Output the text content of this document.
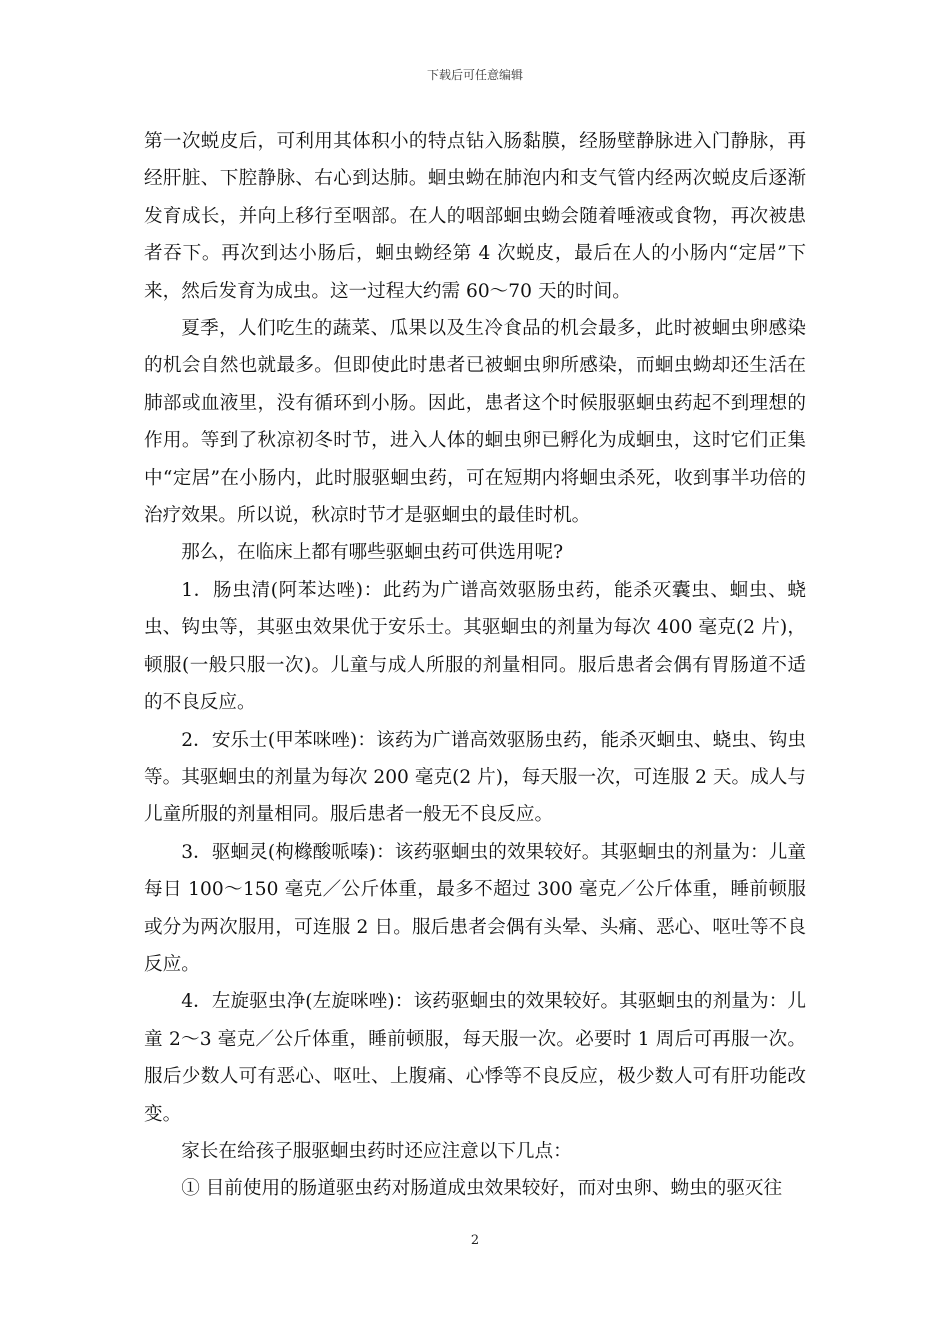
下载后可任意编辑

第一次蜕皮后，可利用其体积小的特点钻入肠黏膜，经肠壁静脉进入门静脉，再经肝脏、下腔静脉、右心到达肺。蛔虫蚴在肺泡内和支气管内经两次蜕皮后逐渐发育成长，并向上移行至咽部。在人的咽部蛔虫蚴会随着唾液或食物，再次被患者吞下。再次到达小肠后，蛔虫蚴经第 4 次蜕皮，最后在人的小肠内“定居”下来，然后发育为成虫。这一过程大约需 60～70 天的时间。

夏季，人们吃生的蔬菜、瓜果以及生冷食品的机会最多，此时被蛔虫卵感染的机会自然也就最多。但即使此时患者已被蛔虫卵所感染，而蛔虫蚴却还生活在肺部或血液里，没有循环到小肠。因此，患者这个时候服驱蛔虫药起不到理想的作用。等到了秋凉初冬时节，进入人体的蛔虫卵已孵化为成蛔虫，这时它们正集中“定居”在小肠内，此时服驱蛔虫药，可在短期内将蛔虫杀死，收到事半功倍的治疗效果。所以说，秋凉时节才是驱蛔虫的最佳时机。

那么，在临床上都有哪些驱蛔虫药可供选用呢?

1．肠虫清(阿苯达唑)：此药为广谱高效驱肠虫药，能杀灭囊虫、蛔虫、蛲虫、钩虫等，其驱虫效果优于安乐士。其驱蛔虫的剂量为每次 400 毫克(2 片)，顿服(一般只服一次)。儿童与成人所服的剂量相同。服后患者会偶有胃肠道不适的不良反应。

2．安乐士(甲苯咪唑)：该药为广谱高效驱肠虫药，能杀灭蛔虫、蛲虫、钩虫等。其驱蛔虫的剂量为每次 200 毫克(2 片)，每天服一次，可连服 2 天。成人与儿童所服的剂量相同。服后患者一般无不良反应。

3．驱蛔灵(枸橼酸哌嗪)：该药驱蛔虫的效果较好。其驱蛔虫的剂量为：儿童每日 100～150 毫克／公斤体重，最多不超过 300 毫克／公斤体重，睡前顿服或分为两次服用，可连服 2 日。服后患者会偶有头晕、头痛、恶心、呕吐等不良反应。

4．左旋驱虫净(左旋咪唑)：该药驱蛔虫的效果较好。其驱蛔虫的剂量为：儿童 2～3 毫克／公斤体重，睡前顿服，每天服一次。必要时 1 周后可再服一次。服后少数人可有恶心、呕吐、上腹痛、心悸等不良反应，极少数人可有肝功能改变。

家长在给孩子服驱蛔虫药时还应注意以下几点：

① 目前使用的肠道驱虫药对肠道成虫效果较好，而对虫卵、蚴虫的驱灭往

2
